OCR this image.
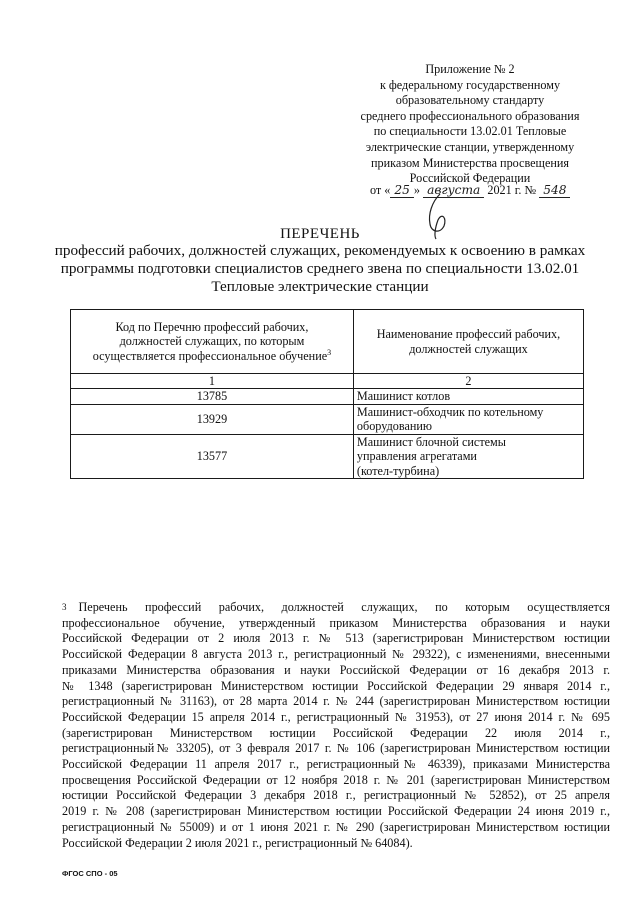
Приложение № 2
к федеральному государственному
образовательному стандарту
среднего профессионального образования
по специальности 13.02.01 Тепловые
электрические станции, утвержденному
приказом Министерства просвещения
Российской Федерации
от « 25 » августа 2021 г. № 548
ПЕРЕЧЕНЬ
профессий рабочих, должностей служащих, рекомендуемых к освоению в рамках
программы подготовки специалистов среднего звена по специальности 13.02.01
Тепловые электрические станции
Код по Перечню профессий рабочих,
должностей служащих, по которым
осуществляется профессиональное обучение$^3$	Наименование профессий рабочих,
должностей служащих

1	2
13785	Машинист котлов

13929	Машинист-обходчик по котельному
оборудованию

13577	Машинист блочной системы
управления агрегатами
(котел-турбина)
$^3$ Перечень профессий рабочих, должностей служащих, по которым осуществляется
профессиональное обучение, утвержденный приказом Министерства образования и науки
Российской Федерации от 2 июля 2013 г. № 513 (зарегистрирован Министерством юстиции
Российской Федерации 8 августа 2013 г., регистрационный № 29322), с изменениями, внесенными
приказами Министерства образования и науки Российской Федерации от 16 декабря 2013 г.
№ 1348 (зарегистрирован Министерством юстиции Российской Федерации 29 января 2014 г.,
регистрационный № 31163), от 28 марта 2014 г. № 244 (зарегистрирован Министерством юстиции
Российской Федерации 15 апреля 2014 г., регистрационный № 31953), от 27 июня 2014 г. № 695
(зарегистрирован Министерством юстиции Российской Федерации 22 июля 2014 г.,
регистрационный№ 33205), от 3 февраля 2017 г. № 106 (зарегистрирован Министерством юстиции
Российской Федерации 11 апреля 2017 г., регистрационный№ 46339), приказами Министерства
просвещения Российской Федерации от 12 ноября 2018 г. № 201 (зарегистрирован Министерством
юстиции Российской Федерации 3 декабря 2018 г., регистрационный № 52852), от 25 апреля
2019 г. № 208 (зарегистрирован Министерством юстиции Российской Федерации 24 июня 2019 г.,
регистрационный № 55009) и от 1 июня 2021 г. № 290 (зарегистрирован Министерством юстиции
Российской Федерации 2 июля 2021 г., регистрационный № 64084).
ФГОС СПО - 05
